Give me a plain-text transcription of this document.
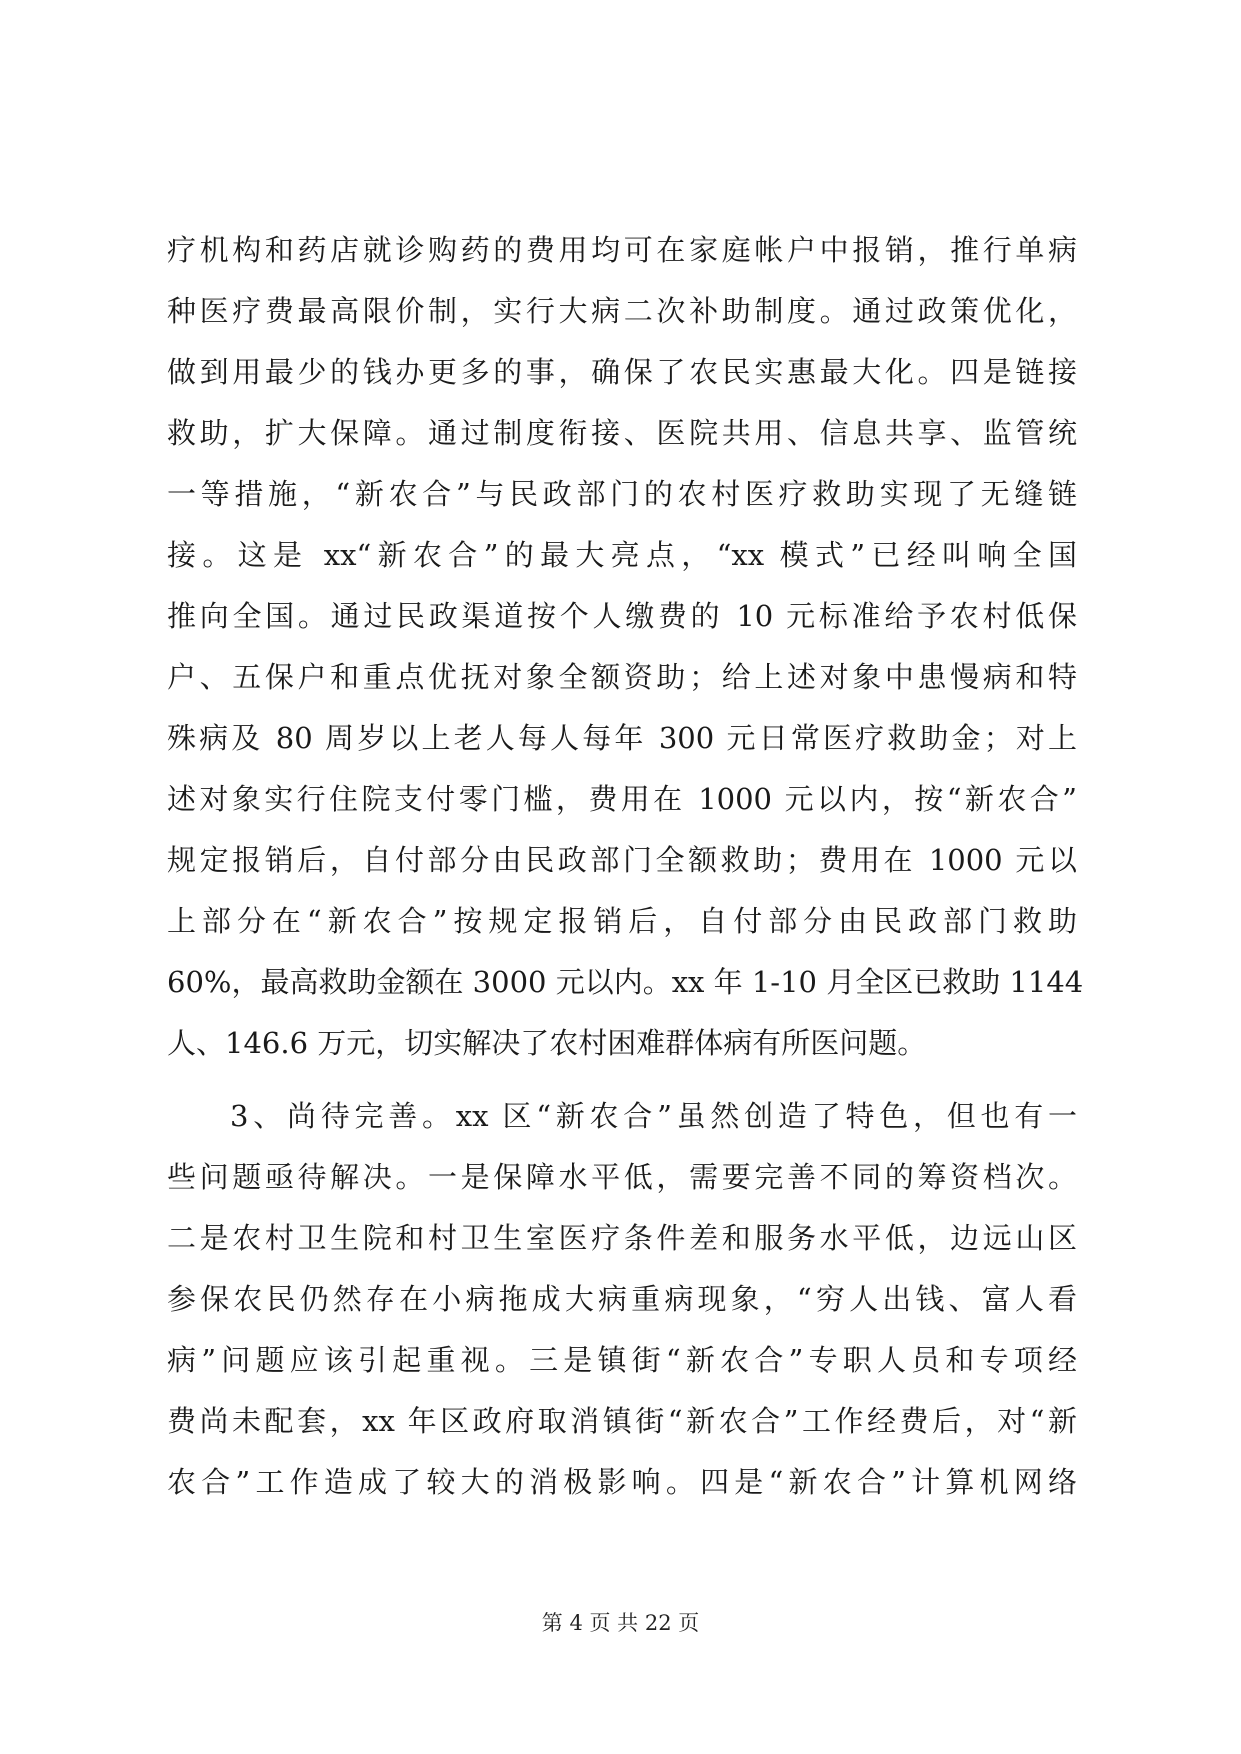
疗机构和药店就诊购药的费用均可在家庭帐户中报销，推行单病
种医疗费最高限价制，实行大病二次补助制度。通过政策优化，
做到用最少的钱办更多的事，确保了农民实惠最大化。四是链接
救助，扩大保障。通过制度衔接、医院共用、信息共享、监管统
一等措施，“新农合”与民政部门的农村医疗救助实现了无缝链
接。这是 xx“新农合”的最大亮点，“xx 模式”已经叫响全国
推向全国。通过民政渠道按个人缴费的 10 元标准给予农村低保
户、五保户和重点优抚对象全额资助；给上述对象中患慢病和特
殊病及 80 周岁以上老人每人每年 300 元日常医疗救助金；对上
述对象实行住院支付零门槛，费用在 1000 元以内，按“新农合”
规定报销后，自付部分由民政部门全额救助；费用在 1000 元以
上部分在“新农合”按规定报销后，自付部分由民政部门救助
60%，最高救助金额在 3000 元以内。xx 年 1-10 月全区已救助 1144
人、146.6 万元，切实解决了农村困难群体病有所医问题。
3、尚待完善。xx 区“新农合”虽然创造了特色，但也有一
些问题亟待解决。一是保障水平低，需要完善不同的筹资档次。
二是农村卫生院和村卫生室医疗条件差和服务水平低，边远山区
参保农民仍然存在小病拖成大病重病现象，“穷人出钱、富人看
病”问题应该引起重视。三是镇街“新农合”专职人员和专项经
费尚未配套，xx 年区政府取消镇街“新农合”工作经费后，对“新
农合”工作造成了较大的消极影响。四是“新农合”计算机网络
第 4 页 共 22 页
